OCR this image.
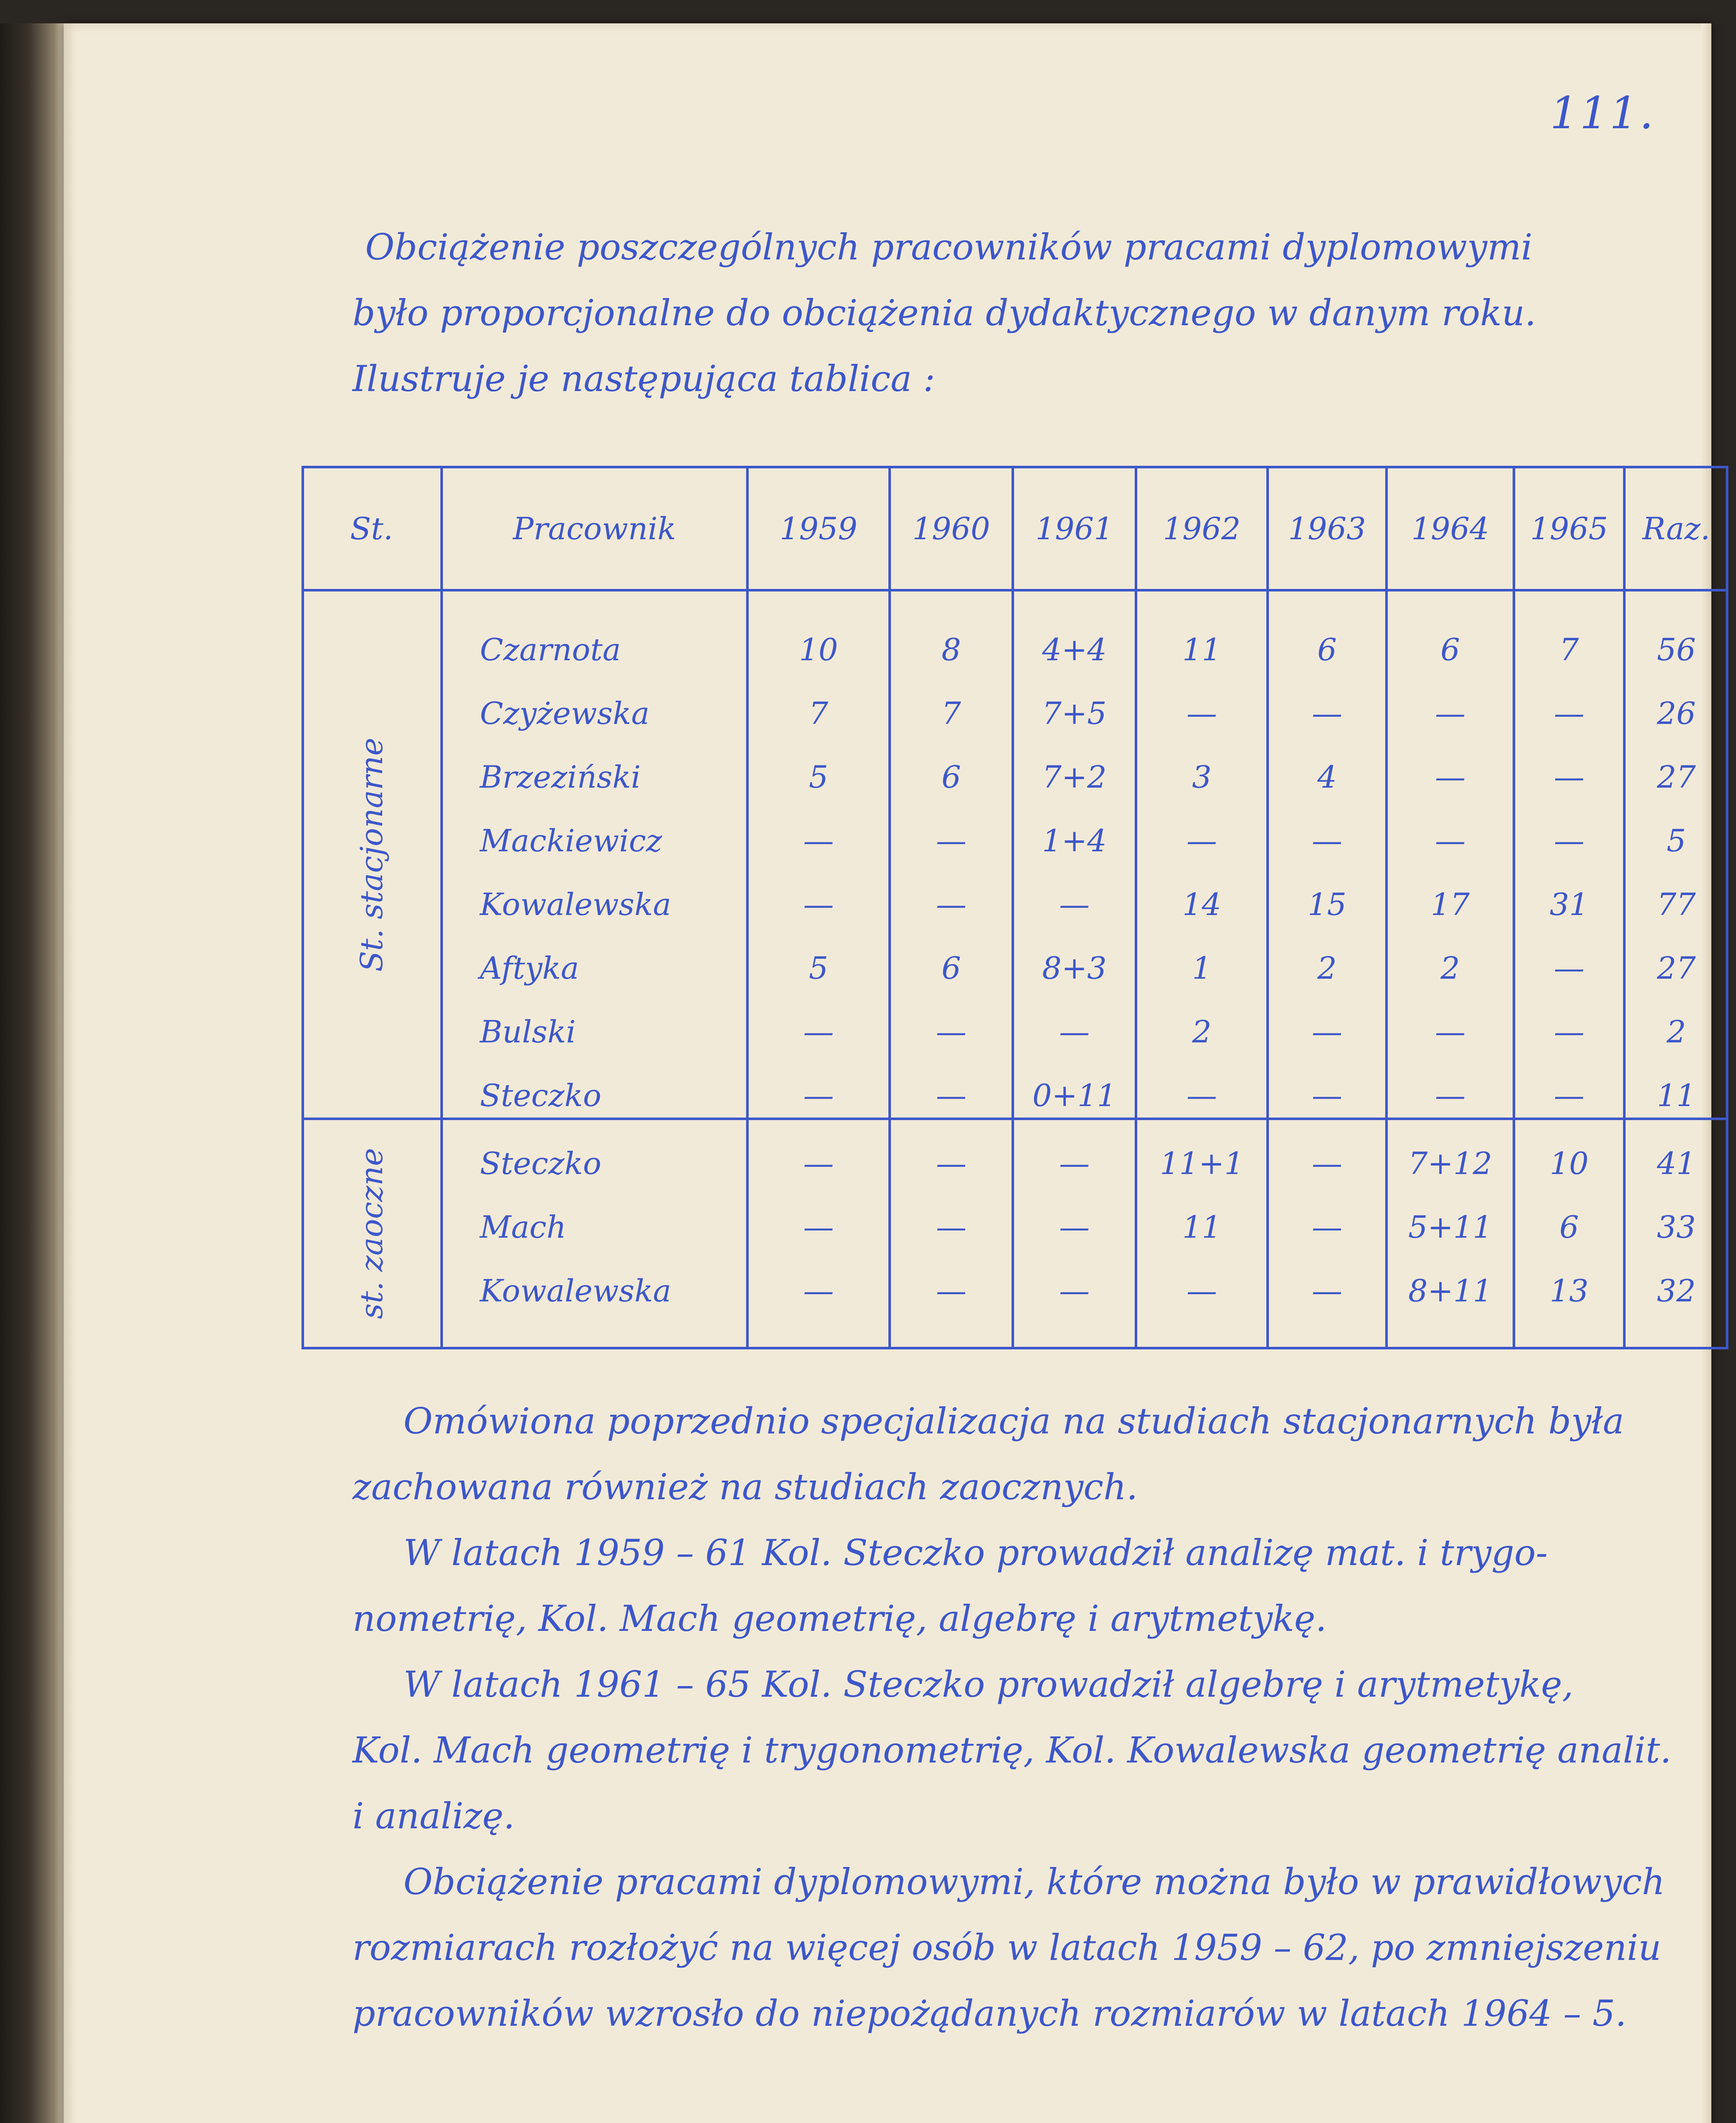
111.
Obciążenie poszczególnych pracowników pracami dyplomowymi
było proporcjonalne do obciążenia dydaktycznego w danym roku.
Ilustruje je następująca tablica :
St.	Pracownik	1959 1960 1961 1962 1963 1964 1965 Raz.
St. stacjonarne
st. zaoczne
Czarnota	10	8	4+4 11	6	6	7	56
Czyżewska	7	7	7+5	—	—	—	— 26
Brzeziński	5	6	7+2	3	4	—	— 27
Mackiewicz	—	— 1+4	—	—	—	—	5
Kowalewska	—	—	—	14	15	17	31 77
Aftyka	5	6	8+3	1	2	2	— 27
Bulski	—	—	—	2	—	—	—	2
Steczko	—	— 0+11 —	—	—	— 11
Steczko	—	—	— 11+1 — 7+12 10 41
Mach	—	—	—	11	— 5+11 6	33
Kowalewska	—	—	—	—	— 8+11 13 32

Omówiona poprzednio specjalizacja na studiach stacjonarnych była
zachowana również na studiach zaocznych.

W latach 1959 – 61 Kol. Steczko prowadził analizę mat. i trygo-
nometrię, Kol. Mach geometrię, algebrę i arytmetykę.

W latach 1961 – 65 Kol. Steczko prowadził algebrę i arytmetykę,
Kol. Mach geometrię i trygonometrię, Kol. Kowalewska geometrię analit.
i analizę.

Obciążenie pracami dyplomowymi, które można było w prawidłowych
rozmiarach rozłożyć na więcej osób w latach 1959 – 62, po zmniejszeniu
pracowników wzrosło do niepożądanych rozmiarów w latach 1964 – 5.
